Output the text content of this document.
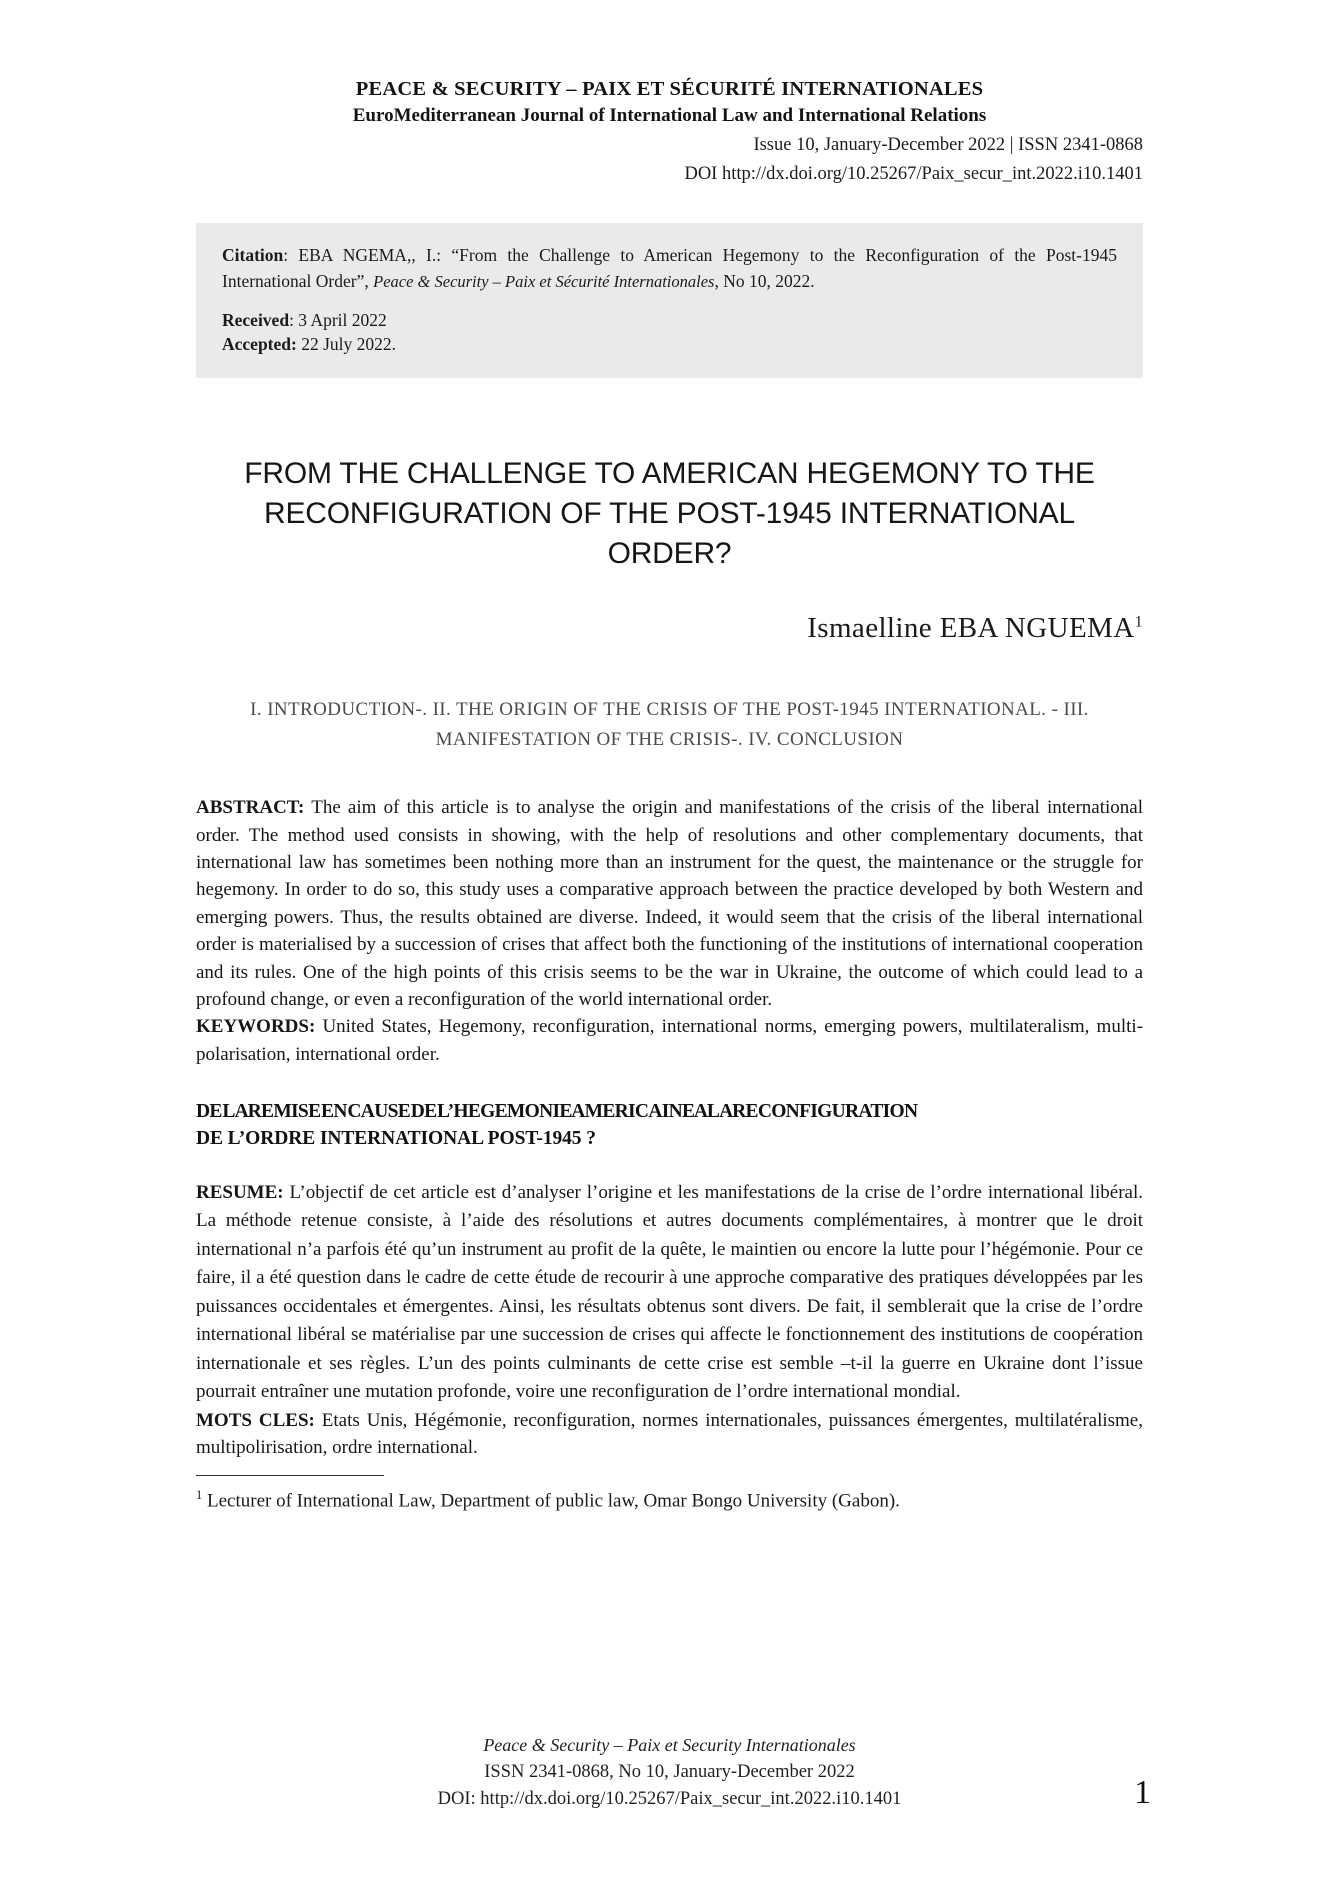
PEACE & SECURITY – PAIX ET SÉCURITÉ INTERNATIONALES
EuroMediterranean Journal of International Law and International Relations
Issue 10, January-December 2022 | ISSN 2341-0868
DOI http://dx.doi.org/10.25267/Paix_secur_int.2022.i10.1401
Citation: EBA NGEMA,, I.: “From the Challenge to American Hegemony to the Reconfiguration of the Post-1945 International Order”, Peace & Security – Paix et Sécurité Internationales, No 10, 2022.
Received: 3 April 2022
Accepted: 22 July 2022.
FROM THE CHALLENGE TO AMERICAN HEGEMONY TO THE RECONFIGURATION OF THE POST-1945 INTERNATIONAL ORDER?
Ismaelline EBA NGUEMA$^1$
I. INTRODUCTION-. II. THE ORIGIN OF THE CRISIS OF THE POST-1945 INTERNATIONAL. - III. MANIFESTATION OF THE CRISIS-. IV. CONCLUSION
ABSTRACT: The aim of this article is to analyse the origin and manifestations of the crisis of the liberal international order. The method used consists in showing, with the help of resolutions and other complementary documents, that international law has sometimes been nothing more than an instrument for the quest, the maintenance or the struggle for hegemony. In order to do so, this study uses a comparative approach between the practice developed by both Western and emerging powers. Thus, the results obtained are diverse. Indeed, it would seem that the crisis of the liberal international order is materialised by a succession of crises that affect both the functioning of the institutions of international cooperation and its rules. One of the high points of this crisis seems to be the war in Ukraine, the outcome of which could lead to a profound change, or even a reconfiguration of the world international order.
KEYWORDS: United States, Hegemony, reconfiguration, international norms, emerging powers, multilateralism, multi-polarisation, international order.
DE LA REMISE EN CAUSE DE L’HEGEMONIE AMERICAINE A LA RECONFIGURATION
DE L’ORDRE INTERNATIONAL POST-1945 ?
RESUME: L’objectif de cet article est d’analyser l’origine et les manifestations de la crise de l’ordre international libéral. La méthode retenue consiste, à l’aide des résolutions et autres documents complémentaires, à montrer que le droit international n’a parfois été qu’un instrument au profit de la quête, le maintien ou encore la lutte pour l’hégémonie. Pour ce faire, il a été question dans le cadre de cette étude de recourir à une approche comparative des pratiques développées par les puissances occidentales et émergentes. Ainsi, les résultats obtenus sont divers. De fait, il semblerait que la crise de l’ordre international libéral se matérialise par une succession de crises qui affecte le fonctionnement des institutions de coopération internationale et ses règles. L’un des points culminants de cette crise est semble –t-il la guerre en Ukraine dont l’issue pourrait entraîner une mutation profonde, voire une reconfiguration de l’ordre international mondial.
MOTS CLES: Etats Unis, Hégémonie, reconfiguration, normes internationales, puissances émergentes, multilatéralisme, multipolirisation, ordre international.
$^1$ Lecturer of International Law, Department of public law, Omar Bongo University (Gabon).
Peace & Security – Paix et Security Internationales
ISSN 2341-0868, No 10, January-December 2022
DOI: http://dx.doi.org/10.25267/Paix_secur_int.2022.i10.1401	1
